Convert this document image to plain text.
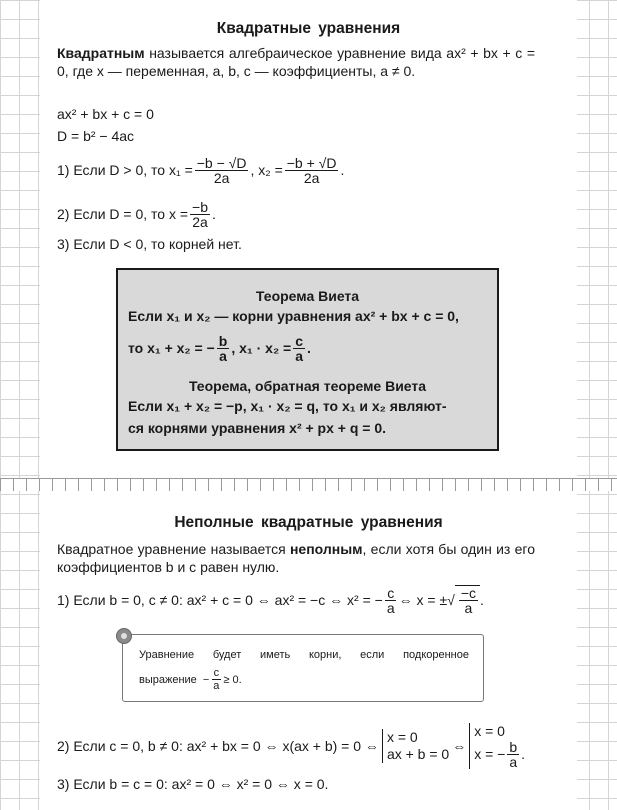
Квадратные уравнения
Квадратным называется алгебраическое уравнение вида ax² + bx + c = 0, где x — переменная, a, b, c — коэффициенты, a ≠ 0.
ax² + bx + c = 0
D = b² − 4ac
1) Если D > 0, то $x_1 = \frac{-b - √D}{2a}$ , $x_2 = \frac{-b + √D}{2a}$ .
2) Если D = 0, то $x = \frac{-b}{2a}$ .
3) Если D < 0, то корней нет.
Теорема Виета
Если x₁ и x₂ — корни уравнения ax² + bx + c = 0,
то x₁ + x₂ = − $\frac{b}{a}$ , $x_1 \cdot x_2 = \frac{c}{a}$ .
Теорема, обратная теореме Виета
Если x₁ + x₂ = −p, x₁ · x₂ = q, то x₁ и x₂ являют-
ся корнями уравнения x² + px + q = 0.
Неполные квадратные уравнения
Квадратное уравнение называется неполным, если хотя бы один из его коэффициентов b и c равен нулю.
1) Если b = 0, c ≠ 0: ax² + c = 0 ⇔ ax² = −c ⇔ x² = − $\frac{c}{a}$ ⇔ x = ± √ $\frac{-c}{a}$ .
Уравнение будет иметь корни, если подкоренное
выражение − $\frac{c}{a} \ge 0$.
2) Если c = 0, b ≠ 0: ax² + bx = 0 ⇔ x(ax + b) = 0 ⇔
x = 0
ax + b = 0 ⇔
x = 0
x = − $\frac{b}{a}$ .
3) Если b = c = 0: ax² = 0 ⇔ x² = 0 ⇔ x = 0.
